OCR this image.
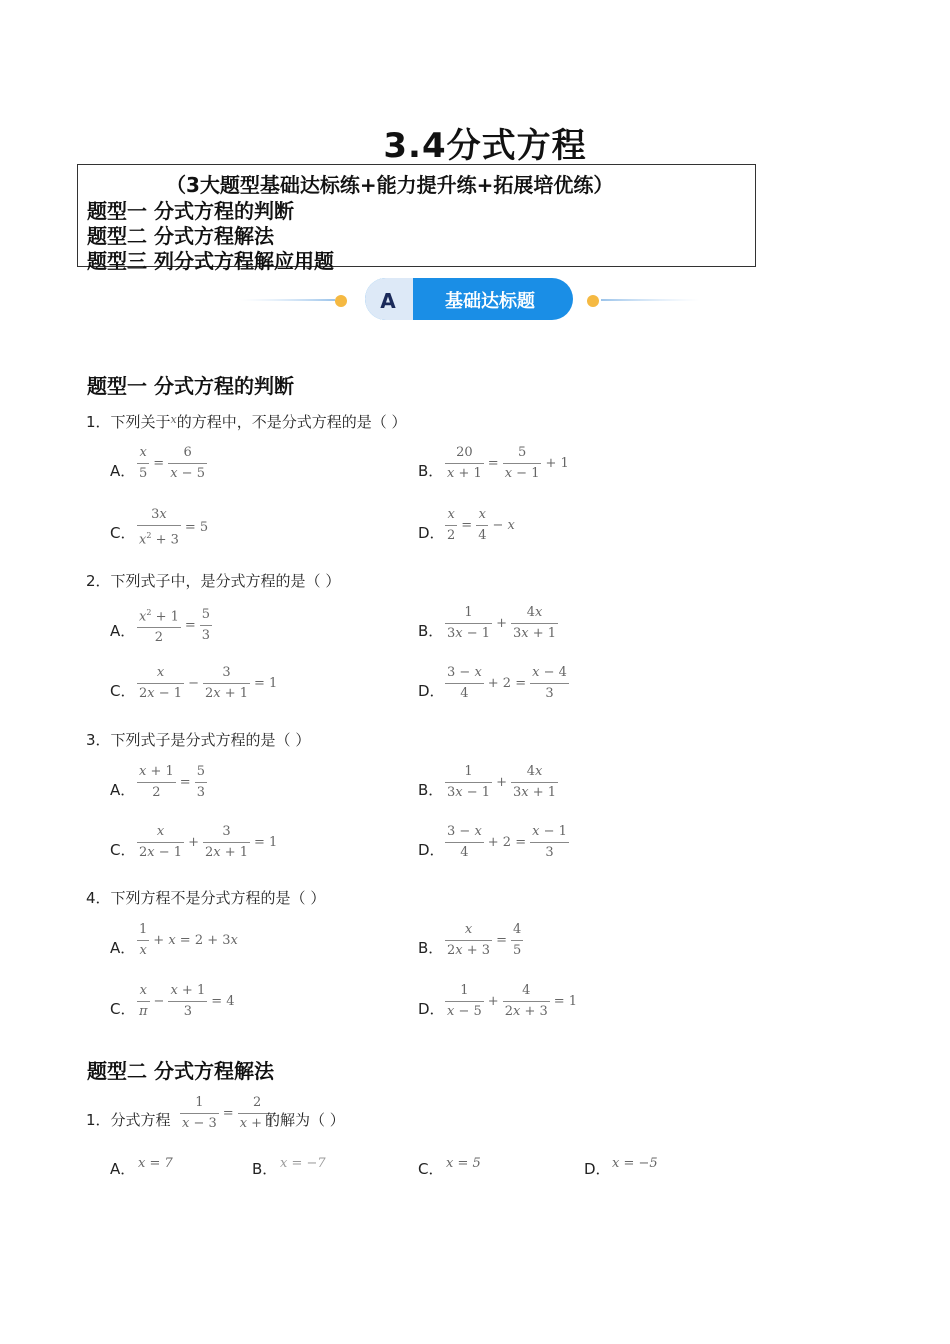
3.4分式方程
（3大题型基础达标练+能力提升练+拓展培优练）
题型一 分式方程的判断
题型二 分式方程解法
题型三 列分式方程解应用题
A	基础达标题
题型一 分式方程的判断
1．下列关于$^x$的方程中，不是分式方程的是（ ）
A． $\frac{x}{5} = \frac{6}{x - 5}$	B． $\frac{20}{x + 1} = \frac{5}{x - 1} + 1$
C． $\frac{3x}{x^2 + 3} = 5$	D． $\frac{x}{2} = \frac{x}{4} - x$
2．下列式子中，是分式方程的是（ ）
A． $\frac{x^2 + 1}{2} = \frac{5}{3}$	B． $\frac{1}{3x - 1} + \frac{4x}{3x + 1}$
C． $\frac{x}{2x - 1} - \frac{3}{2x + 1} = 1$	D． $\frac{3 - x}{4} + 2 = \frac{x - 4}{3}$
3．下列式子是分式方程的是（ ）
A． $\frac{x + 1}{2} = \frac{5}{3}$	B． $\frac{1}{3x - 1} + \frac{4x}{3x + 1}$
C． $\frac{x}{2x - 1} + \frac{3}{2x + 1} = 1$	D． $\frac{3 - x}{4} + 2 = \frac{x - 1}{3}$
4．下列方程不是分式方程的是（ ）
A． $\frac{1}{x} + x = 2 + 3x$	B． $\frac{x}{2x + 3} = \frac{4}{5}$
C． $\frac{x}{\pi} - \frac{x + 1}{3} = 4$	D． $\frac{1}{x - 5} + \frac{4}{2x + 3} = 1$
题型二 分式方程解法
1．分式方程 $\frac{1}{x - 3} = \frac{2}{x + 1}$
的解为（ ）
A． x = 7	B． x = −7	C． x = 5	D． x = −5
